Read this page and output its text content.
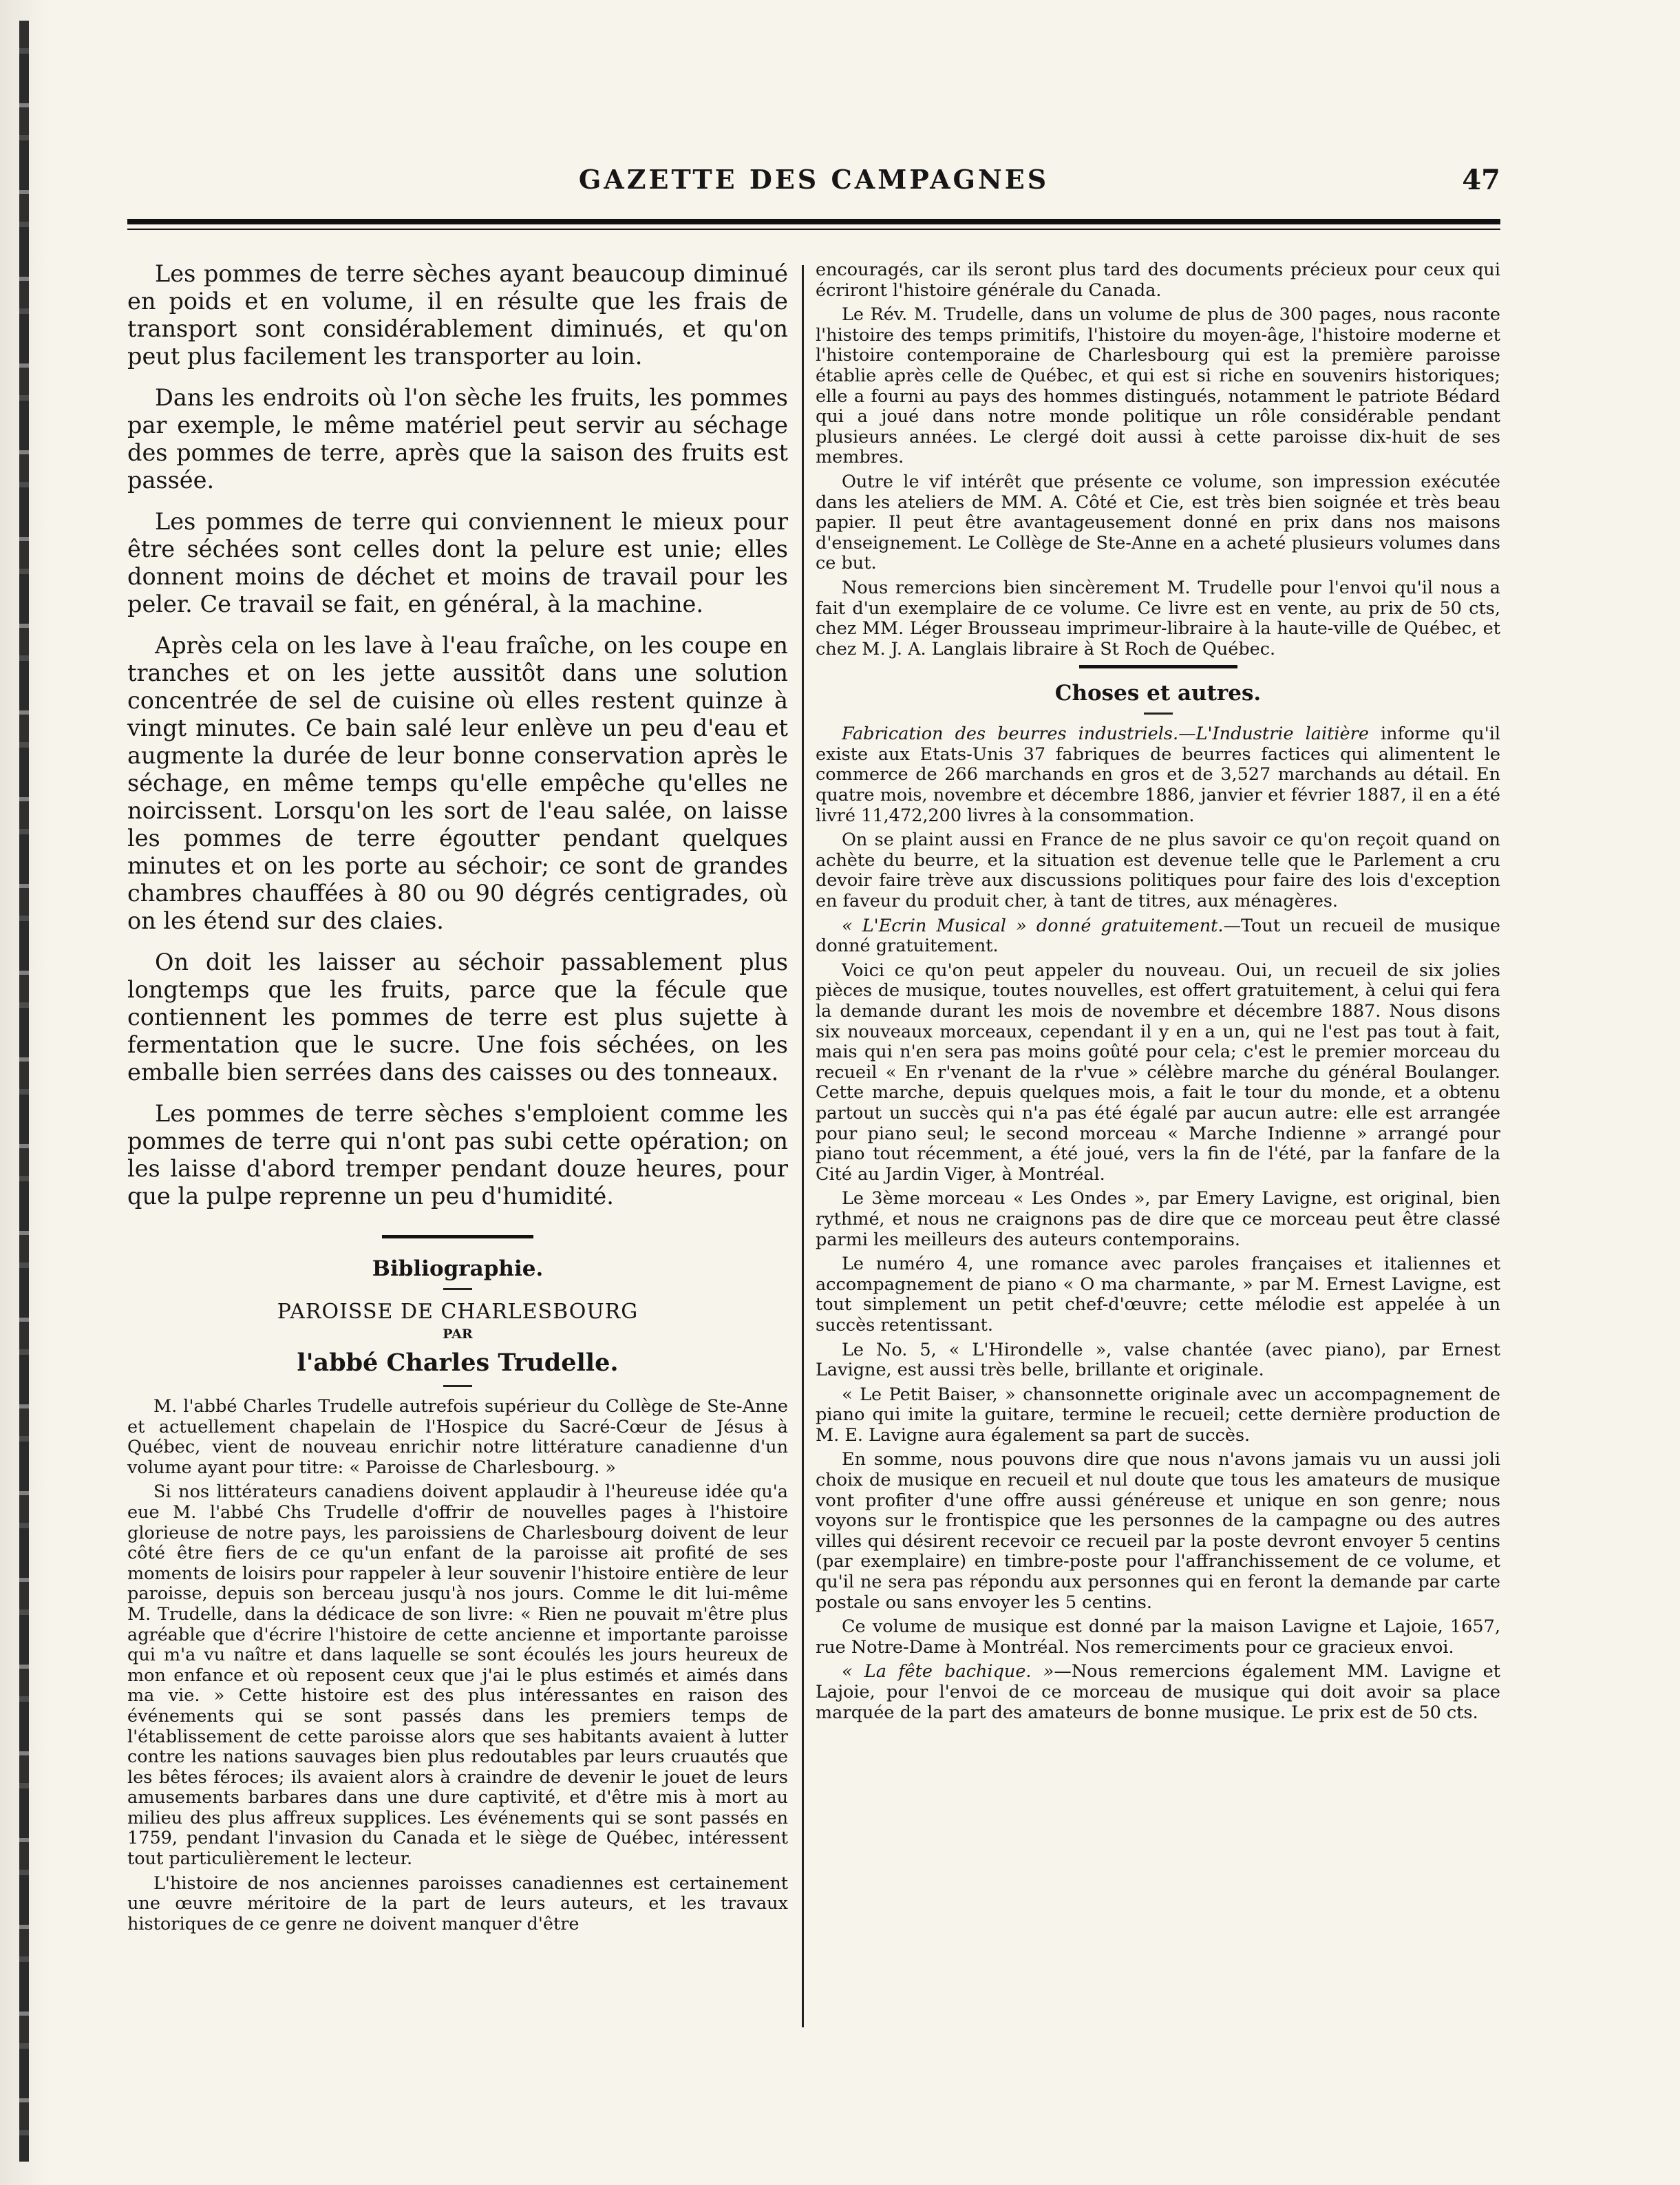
GAZETTE DES CAMPAGNES	47

Les pommes de terre sèches ayant beaucoup diminué en poids et en volume, il en résulte que les frais de transport sont considérablement diminués, et qu'on peut plus facilement les transporter au loin.

Dans les endroits où l'on sèche les fruits, les pommes par exemple, le même matériel peut servir au séchage des pommes de terre, après que la saison des fruits est passée.

Les pommes de terre qui conviennent le mieux pour être séchées sont celles dont la pelure est unie; elles donnent moins de déchet et moins de travail pour les peler. Ce travail se fait, en général, à la machine.

Après cela on les lave à l'eau fraîche, on les coupe en tranches et on les jette aussitôt dans une solution concentrée de sel de cuisine où elles restent quinze à vingt minutes. Ce bain salé leur enlève un peu d'eau et augmente la durée de leur bonne conservation après le séchage, en même temps qu'elle empêche qu'elles ne noircissent. Lorsqu'on les sort de l'eau salée, on laisse les pommes de terre égoutter pendant quelques minutes et on les porte au séchoir; ce sont de grandes chambres chauffées à 80 ou 90 dégrés centigrades, où on les étend sur des claies.

On doit les laisser au séchoir passablement plus longtemps que les fruits, parce que la fécule que contiennent les pommes de terre est plus sujette à fermentation que le sucre. Une fois séchées, on les emballe bien serrées dans des caisses ou des tonneaux.

Les pommes de terre sèches s'emploient comme les pommes de terre qui n'ont pas subi cette opération; on les laisse d'abord tremper pendant douze heures, pour que la pulpe reprenne un peu d'humidité.

Bibliographie.
PAROISSE DE CHARLESBOURG
PAR
l'abbé Charles Trudelle.

M. l'abbé Charles Trudelle autrefois supérieur du Collège de Ste-Anne et actuellement chapelain de l'Hospice du Sacré-Cœur de Jésus à Québec, vient de nouveau enrichir notre littérature canadienne d'un volume ayant pour titre: « Paroisse de Charlesbourg. »

Si nos littérateurs canadiens doivent applaudir à l'heureuse idée qu'a eue M. l'abbé Chs Trudelle d'offrir de nouvelles pages à l'histoire glorieuse de notre pays, les paroissiens de Charlesbourg doivent de leur côté être fiers de ce qu'un enfant de la paroisse ait profité de ses moments de loisirs pour rappeler à leur souvenir l'histoire entière de leur paroisse, depuis son berceau jusqu'à nos jours. Comme le dit lui-même M. Trudelle, dans la dédicace de son livre: « Rien ne pouvait m'être plus agréable que d'écrire l'histoire de cette ancienne et importante paroisse qui m'a vu naître et dans laquelle se sont écoulés les jours heureux de mon enfance et où reposent ceux que j'ai le plus estimés et aimés dans ma vie. » Cette histoire est des plus intéressantes en raison des événements qui se sont passés dans les premiers temps de l'établissement de cette paroisse alors que ses habitants avaient à lutter contre les nations sauvages bien plus redoutables par leurs cruautés que les bêtes féroces; ils avaient alors à craindre de devenir le jouet de leurs amusements barbares dans une dure captivité, et d'être mis à mort au milieu des plus affreux supplices. Les événements qui se sont passés en 1759, pendant l'invasion du Canada et le siège de Québec, intéressent tout particulièrement le lecteur.

L'histoire de nos anciennes paroisses canadiennes est certainement une œuvre méritoire de la part de leurs auteurs, et les travaux historiques de ce genre ne doivent manquer d'être

encouragés, car ils seront plus tard des documents précieux pour ceux qui écriront l'histoire générale du Canada.

Le Rév. M. Trudelle, dans un volume de plus de 300 pages, nous raconte l'histoire des temps primitifs, l'histoire du moyen-âge, l'histoire moderne et l'histoire contemporaine de Charlesbourg qui est la première paroisse établie après celle de Québec, et qui est si riche en souvenirs historiques; elle a fourni au pays des hommes distingués, notamment le patriote Bédard qui a joué dans notre monde politique un rôle considérable pendant plusieurs années. Le clergé doit aussi à cette paroisse dix-huit de ses membres.

Outre le vif intérêt que présente ce volume, son impression exécutée dans les ateliers de MM. A. Côté et Cie, est très bien soignée et très beau papier. Il peut être avantageusement donné en prix dans nos maisons d'enseignement. Le Collège de Ste-Anne en a acheté plusieurs volumes dans ce but.

Nous remercions bien sincèrement M. Trudelle pour l'envoi qu'il nous a fait d'un exemplaire de ce volume. Ce livre est en vente, au prix de 50 cts, chez MM. Léger Brousseau imprimeur-libraire à la haute-ville de Québec, et chez M. J. A. Langlais libraire à St Roch de Québec.

Choses et autres.

Fabrication des beurres industriels.—L'Industrie laitière informe qu'il existe aux Etats-Unis 37 fabriques de beurres factices qui alimentent le commerce de 266 marchands en gros et de 3,527 marchands au détail. En quatre mois, novembre et décembre 1886, janvier et février 1887, il en a été livré 11,472,200 livres à la consommation.

On se plaint aussi en France de ne plus savoir ce qu'on reçoit quand on achète du beurre, et la situation est devenue telle que le Parlement a cru devoir faire trève aux discussions politiques pour faire des lois d'exception en faveur du produit cher, à tant de titres, aux ménagères.

« L'Ecrin Musical » donné gratuitement.—Tout un recueil de musique donné gratuitement.

Voici ce qu'on peut appeler du nouveau. Oui, un recueil de six jolies pièces de musique, toutes nouvelles, est offert gratuitement, à celui qui fera la demande durant les mois de novembre et décembre 1887. Nous disons six nouveaux morceaux, cependant il y en a un, qui ne l'est pas tout à fait, mais qui n'en sera pas moins goûté pour cela; c'est le premier morceau du recueil « En r'venant de la r'vue » célèbre marche du général Boulanger. Cette marche, depuis quelques mois, a fait le tour du monde, et a obtenu partout un succès qui n'a pas été égalé par aucun autre: elle est arrangée pour piano seul; le second morceau « Marche Indienne » arrangé pour piano tout récemment, a été joué, vers la fin de l'été, par la fanfare de la Cité au Jardin Viger, à Montréal.

Le 3ème morceau « Les Ondes », par Emery Lavigne, est original, bien rythmé, et nous ne craignons pas de dire que ce morceau peut être classé parmi les meilleurs des auteurs contemporains.

Le numéro 4, une romance avec paroles françaises et italiennes et accompagnement de piano « O ma charmante, » par M. Ernest Lavigne, est tout simplement un petit chef-d'œuvre; cette mélodie est appelée à un succès retentissant.

Le No. 5, « L'Hirondelle », valse chantée (avec piano), par Ernest Lavigne, est aussi très belle, brillante et originale.

« Le Petit Baiser, » chansonnette originale avec un accompagnement de piano qui imite la guitare, termine le recueil; cette dernière production de M. E. Lavigne aura également sa part de succès.

En somme, nous pouvons dire que nous n'avons jamais vu un aussi joli choix de musique en recueil et nul doute que tous les amateurs de musique vont profiter d'une offre aussi généreuse et unique en son genre; nous voyons sur le frontispice que les personnes de la campagne ou des autres villes qui désirent recevoir ce recueil par la poste devront envoyer 5 centins (par exemplaire) en timbre-poste pour l'affranchissement de ce volume, et qu'il ne sera pas répondu aux personnes qui en feront la demande par carte postale ou sans envoyer les 5 centins.

Ce volume de musique est donné par la maison Lavigne et Lajoie, 1657, rue Notre-Dame à Montréal. Nos remerciments pour ce gracieux envoi.

« La fête bachique. »—Nous remercions également MM. Lavigne et Lajoie, pour l'envoi de ce morceau de musique qui doit avoir sa place marquée de la part des amateurs de bonne musique. Le prix est de 50 cts.
